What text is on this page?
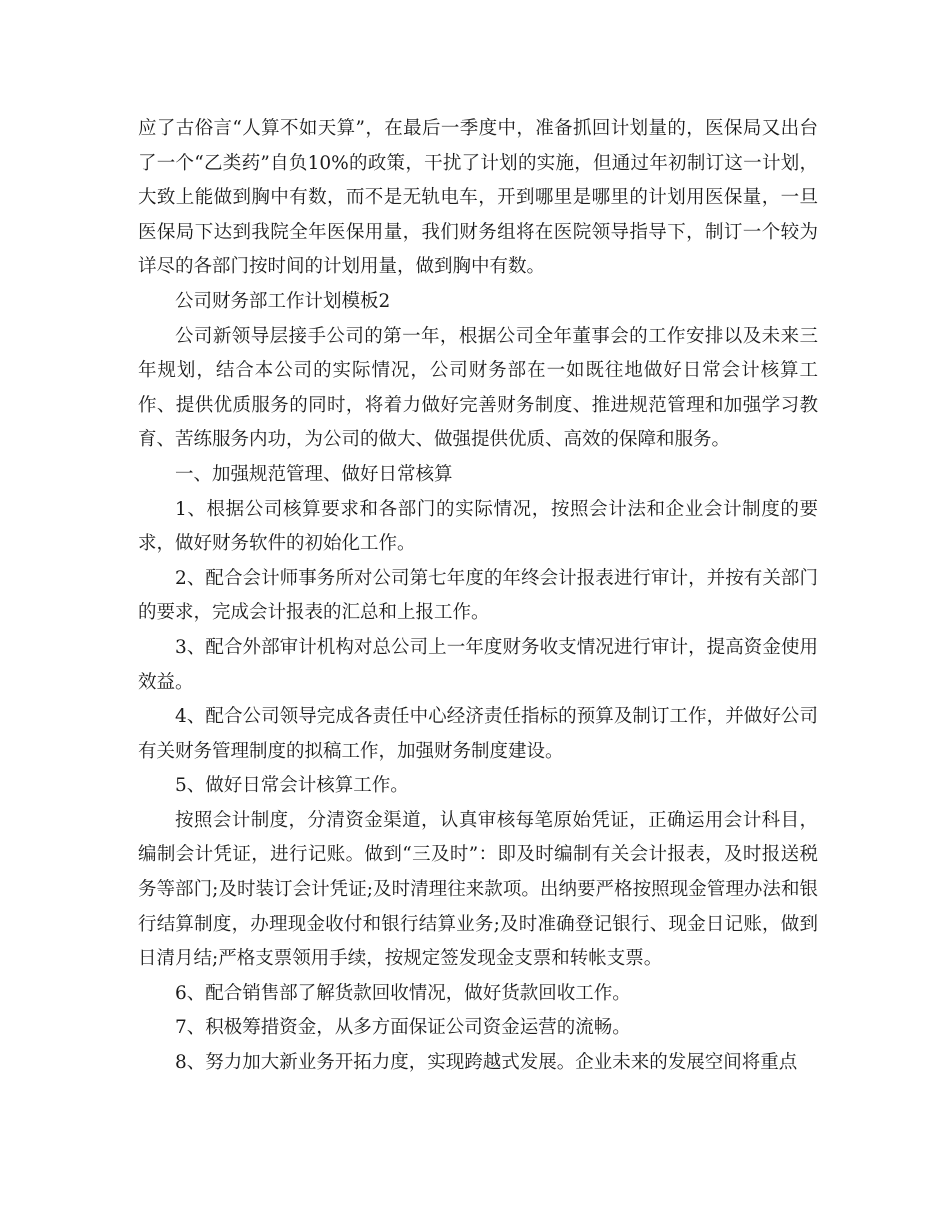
应了古俗言“人算不如天算”，在最后一季度中，准备抓回计划量的，医保局又出台了一个“乙类药”自负10%的政策，干扰了计划的实施，但通过年初制订这一计划，大致上能做到胸中有数，而不是无轨电车，开到哪里是哪里的计划用医保量，一旦医保局下达到我院全年医保用量，我们财务组将在医院领导指导下，制订一个较为详尽的各部门按时间的计划用量，做到胸中有数。

公司财务部工作计划模板2

公司新领导层接手公司的第一年，根据公司全年董事会的工作安排以及未来三年规划，结合本公司的实际情况，公司财务部在一如既往地做好日常会计核算工作、提供优质服务的同时，将着力做好完善财务制度、推进规范管理和加强学习教育、苦练服务内功，为公司的做大、做强提供优质、高效的保障和服务。

一、加强规范管理、做好日常核算

1、根据公司核算要求和各部门的实际情况，按照会计法和企业会计制度的要求，做好财务软件的初始化工作。

2、配合会计师事务所对公司第七年度的年终会计报表进行审计，并按有关部门的要求，完成会计报表的汇总和上报工作。

3、配合外部审计机构对总公司上一年度财务收支情况进行审计，提高资金使用效益。

4、配合公司领导完成各责任中心经济责任指标的预算及制订工作，并做好公司有关财务管理制度的拟稿工作，加强财务制度建设。

5、做好日常会计核算工作。

按照会计制度，分清资金渠道，认真审核每笔原始凭证，正确运用会计科目，编制会计凭证，进行记账。做到“三及时”：即及时编制有关会计报表，及时报送税务等部门;及时装订会计凭证;及时清理往来款项。出纳要严格按照现金管理办法和银行结算制度，办理现金收付和银行结算业务;及时准确登记银行、现金日记账，做到日清月结;严格支票领用手续，按规定签发现金支票和转帐支票。

6、配合销售部了解货款回收情况，做好货款回收工作。

7、积极筹措资金，从多方面保证公司资金运营的流畅。

8、努力加大新业务开拓力度，实现跨越式发展。企业未来的发展空间将重点
